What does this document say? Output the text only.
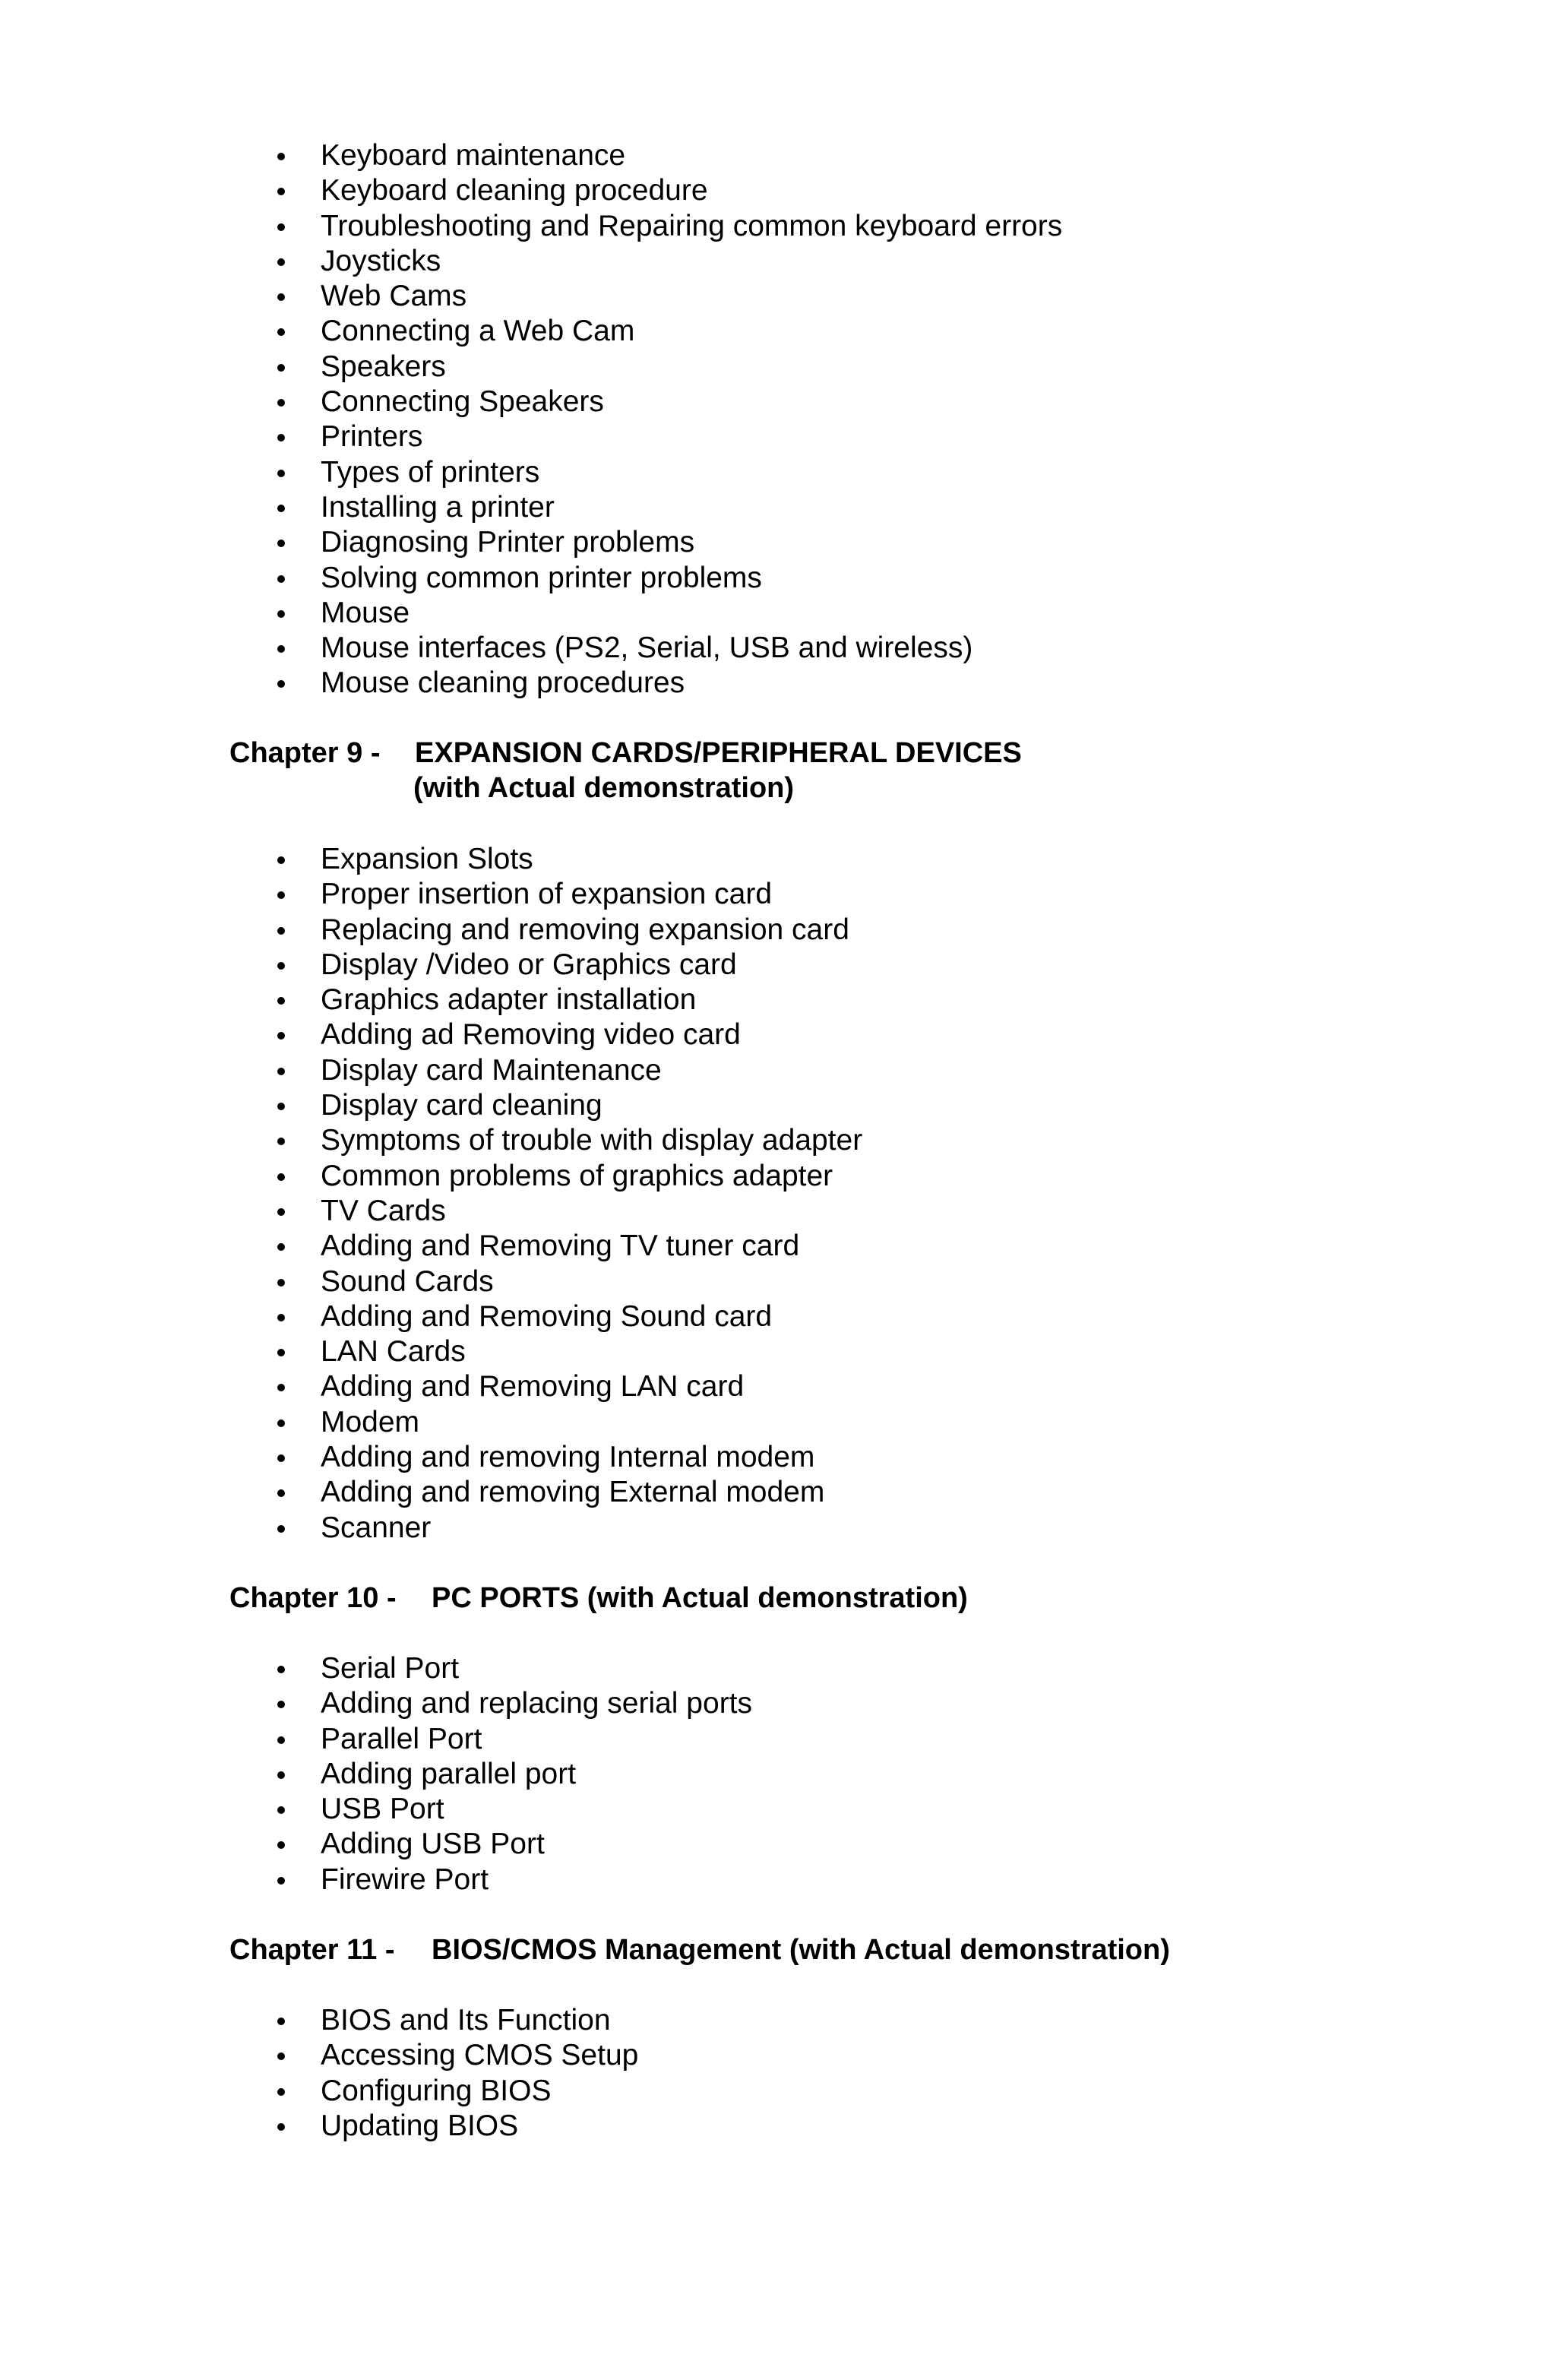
Keyboard maintenance
Keyboard cleaning procedure
Troubleshooting and Repairing common keyboard errors
Joysticks
Web Cams
Connecting a Web Cam
Speakers
Connecting Speakers
Printers
Types of printers
Installing a printer
Diagnosing Printer problems
Solving common printer problems
Mouse
Mouse interfaces (PS2, Serial, USB and wireless)
Mouse cleaning procedures
Chapter 9 - EXPANSION CARDS/PERIPHERAL DEVICES
(with Actual demonstration)
Expansion Slots
Proper insertion of expansion card
Replacing and removing expansion card
Display /Video or Graphics card
Graphics adapter installation
Adding ad Removing video card
Display card Maintenance
Display card cleaning
Symptoms of trouble with display adapter
Common problems of graphics adapter
TV Cards
Adding and Removing TV tuner card
Sound Cards
Adding and Removing Sound card
LAN Cards
Adding and Removing LAN card
Modem
Adding and removing Internal modem
Adding and removing External modem
Scanner
Chapter 10 - PC PORTS (with Actual demonstration)
Serial Port
Adding and replacing serial ports
Parallel Port
Adding parallel port
USB Port
Adding USB Port
Firewire Port
Chapter 11 - BIOS/CMOS Management (with Actual demonstration)
BIOS and Its Function
Accessing CMOS Setup
Configuring BIOS
Updating BIOS
